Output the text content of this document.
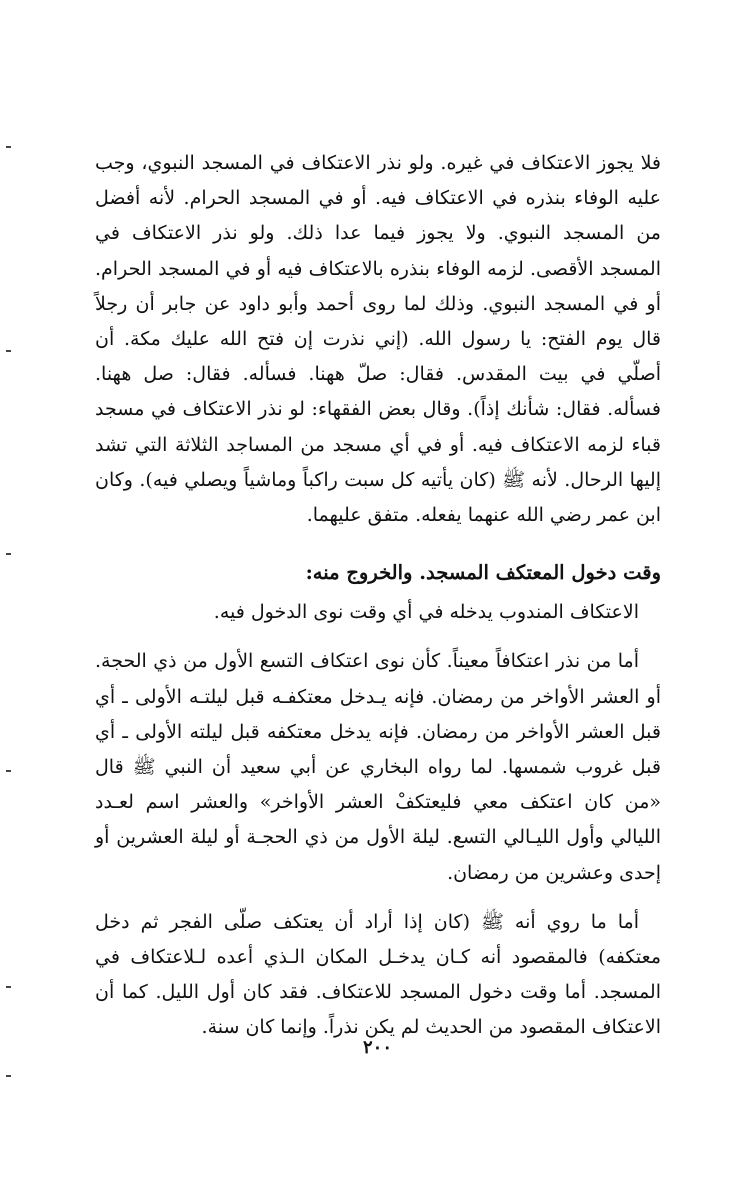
فلا يجوز الاعتكاف في غيره. ولو نذر الاعتكاف في المسجد النبوي، وجب عليه الوفاء بنذره في الاعتكاف فيه. أو في المسجد الحرام. لأنه أفضل من المسجد النبوي. ولا يجوز فيما عدا ذلك. ولو نذر الاعتكاف في المسجد الأقصى. لزمه الوفاء بنذره بالاعتكاف فيه أو في المسجد الحرام. أو في المسجد النبوي. وذلك لما روى أحمد وأبو داود عن جابر أن رجلاً قال يوم الفتح: يا رسول الله. (إني نذرت إن فتح الله عليك مكة. أن أصلّي في بيت المقدس. فقال: صلّ ههنا. فسأله. فقال: صل ههنا. فسأله. فقال: شأنك إذاً). وقال بعض الفقهاء: لو نذر الاعتكاف في مسجد قباء لزمه الاعتكاف فيه. أو في أي مسجد من المساجد الثلاثة التي تشد إليها الرحال. لأنه ﷺ (كان يأتيه كل سبت راكباً وماشياً ويصلي فيه). وكان ابن عمر رضي الله عنهما يفعله. متفق عليهما.

وقت دخول المعتكف المسجد. والخروج منه:

الاعتكاف المندوب يدخله في أي وقت نوى الدخول فيه.

أما من نذر اعتكافاً معيناً. كأن نوى اعتكاف التسع الأول من ذي الحجة. أو العشر الأواخر من رمضان. فإنه يـدخل معتكفـه قبل ليلتـه الأولى ـ أي قبل العشر الأواخر من رمضان. فإنه يدخل معتكفه قبل ليلته الأولى ـ أي قبل غروب شمسها. لما رواه البخاري عن أبي سعيد أن النبي ﷺ قال «من كان اعتكف معي فليعتكفْ العشر الأواخر» والعشر اسم لعـدد الليالي وأول الليـالي التسع. ليلة الأول من ذي الحجـة أو ليلة العشرين أو إحدى وعشرين من رمضان.

أما ما روي أنه ﷺ (كان إذا أراد أن يعتكف صلّى الفجر ثم دخل معتكفه) فالمقصود أنه كـان يدخـل المكان الـذي أعده لـلاعتكاف في المسجد. أما وقت دخول المسجد للاعتكاف. فقد كان أول الليل. كما أن الاعتكاف المقصود من الحديث لم يكن نذراً. وإنما كان سنة.

٢٠٠
